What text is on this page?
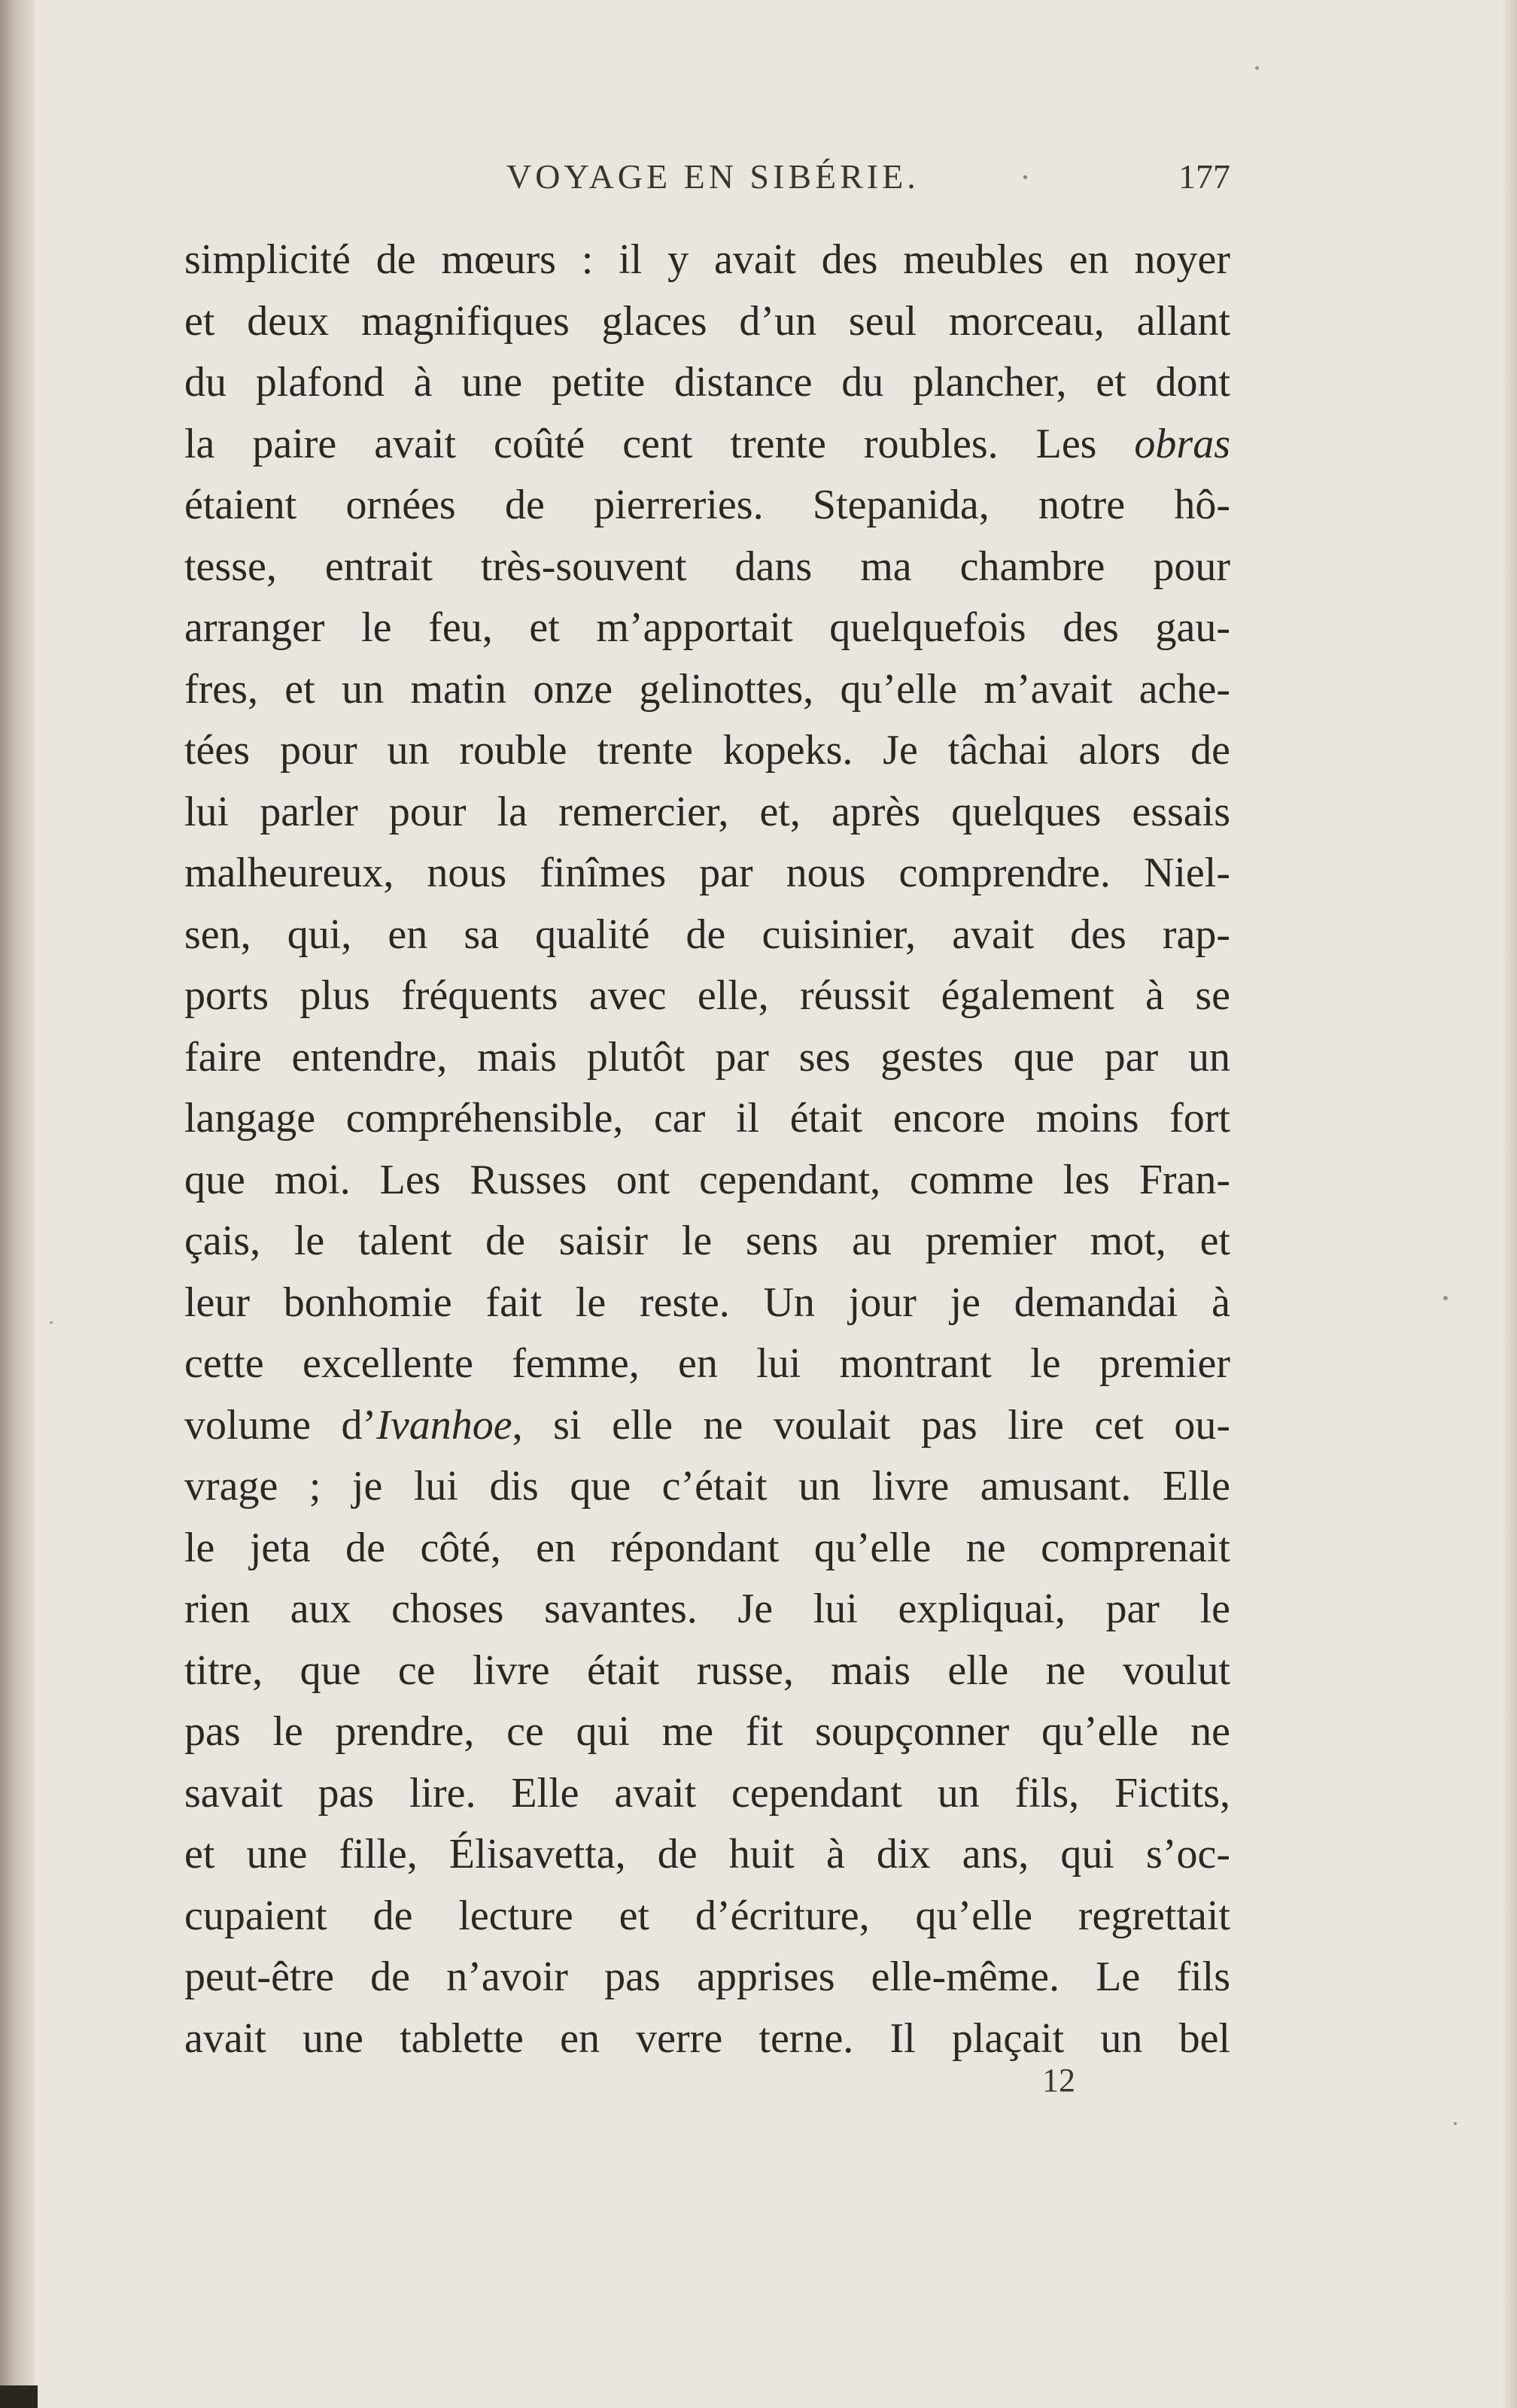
VOYAGE EN SIBÉRIE.	177
simplicité de mœurs : il y avait des meubles en noyer
et deux magnifiques glaces d’un seul morceau, allant
du plafond à une petite distance du plancher, et dont
la paire avait coûté cent trente roubles. Les obras
étaient ornées de pierreries. Stepanida, notre hô-
tesse, entrait très-souvent dans ma chambre pour
arranger le feu, et m’apportait quelquefois des gau-
fres, et un matin onze gelinottes, qu’elle m’avait ache-
tées pour un rouble trente kopeks. Je tâchai alors de
lui parler pour la remercier, et, après quelques essais
malheureux, nous finîmes par nous comprendre. Niel-
sen, qui, en sa qualité de cuisinier, avait des rap-
ports plus fréquents avec elle, réussit également à se
faire entendre, mais plutôt par ses gestes que par un
langage compréhensible, car il était encore moins fort
que moi. Les Russes ont cependant, comme les Fran-
çais, le talent de saisir le sens au premier mot, et
leur bonhomie fait le reste. Un jour je demandai à
cette excellente femme, en lui montrant le premier
volume d’Ivanhoe, si elle ne voulait pas lire cet ou-
vrage ; je lui dis que c’était un livre amusant. Elle
le jeta de côté, en répondant qu’elle ne comprenait
rien aux choses savantes. Je lui expliquai, par le
titre, que ce livre était russe, mais elle ne voulut
pas le prendre, ce qui me fit soupçonner qu’elle ne
savait pas lire. Elle avait cependant un fils, Fictits,
et une fille, Élisavetta, de huit à dix ans, qui s’oc-
cupaient de lecture et d’écriture, qu’elle regrettait
peut-être de n’avoir pas apprises elle-même. Le fils
avait une tablette en verre terne. Il plaçait un bel
12
